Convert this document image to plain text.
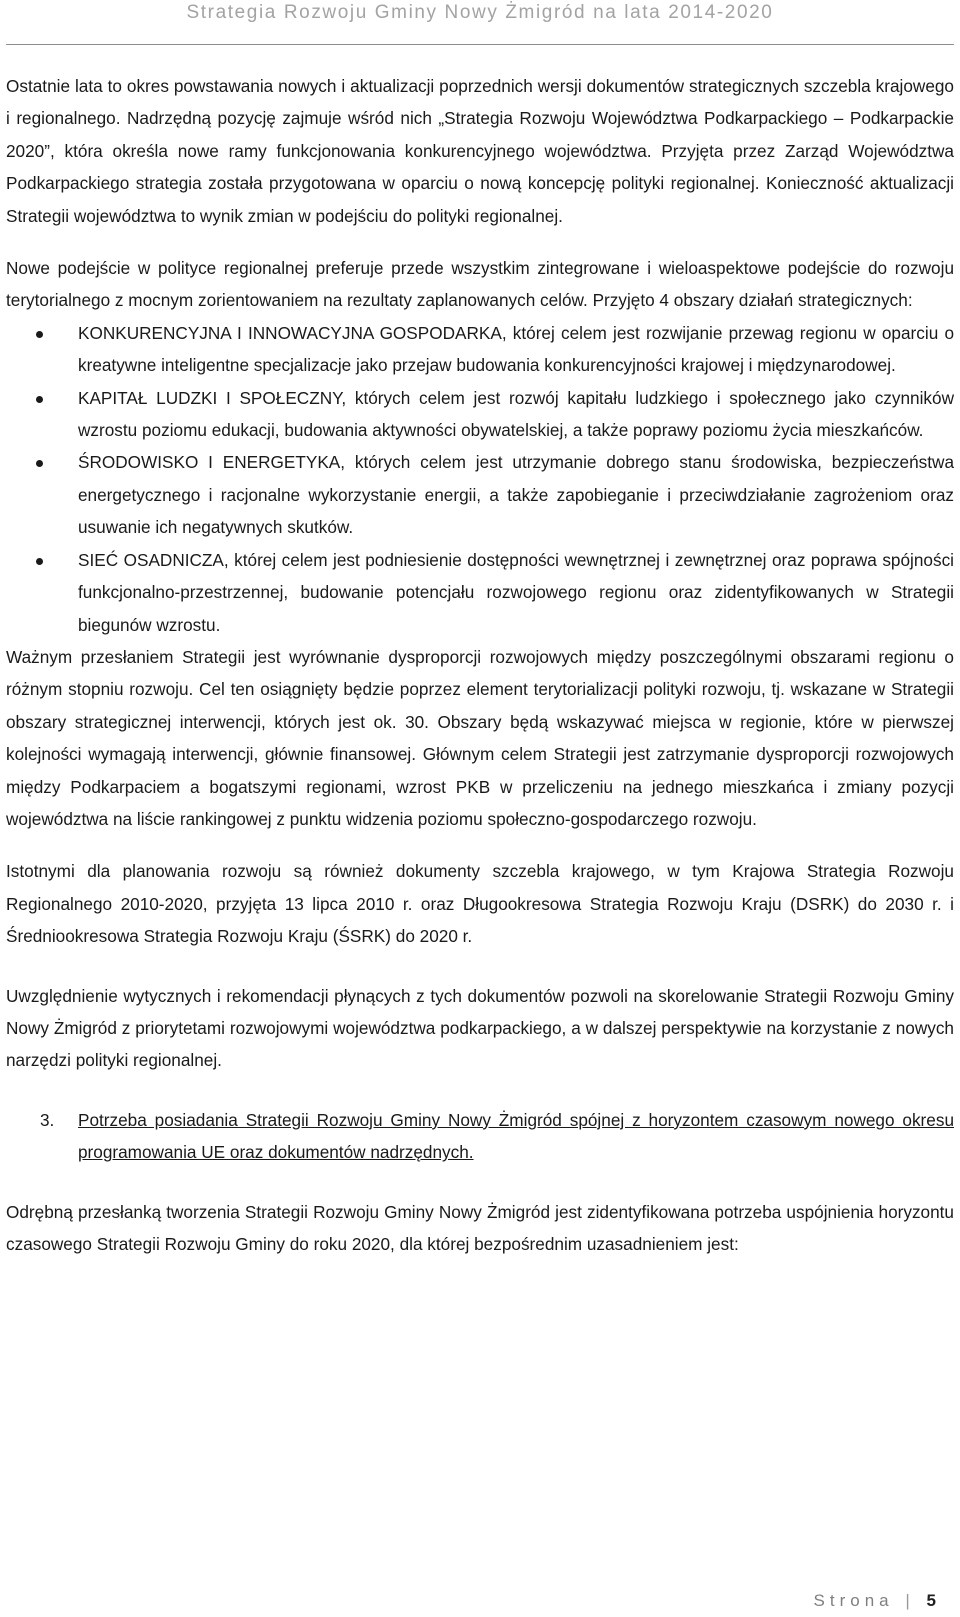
Strategia Rozwoju Gminy Nowy Żmigród na lata 2014-2020

Ostatnie lata to okres powstawania nowych i aktualizacji poprzednich wersji dokumentów strategicznych szczebla krajowego i regionalnego. Nadrzędną pozycję zajmuje wśród nich „Strategia Rozwoju Województwa Podkarpackiego – Podkarpackie 2020”, która określa nowe ramy funkcjonowania konkurencyjnego województwa. Przyjęta przez Zarząd Województwa Podkarpackiego strategia została przygotowana w oparciu o nową koncepcję polityki regionalnej. Konieczność aktualizacji Strategii województwa to wynik zmian w podejściu do polityki regionalnej.

Nowe podejście w polityce regionalnej preferuje przede wszystkim zintegrowane i wieloaspektowe podejście do rozwoju terytorialnego z mocnym zorientowaniem na rezultaty zaplanowanych celów. Przyjęto 4 obszary działań strategicznych:

KONKURENCYJNA I INNOWACYJNA GOSPODARKA, której celem jest rozwijanie przewag regionu w oparciu o kreatywne inteligentne specjalizacje jako przejaw budowania konkurencyjności krajowej i międzynarodowej.
KAPITAŁ LUDZKI I SPOŁECZNY, których celem jest rozwój kapitału ludzkiego i społecznego jako czynników wzrostu poziomu edukacji, budowania aktywności obywatelskiej, a także poprawy poziomu życia mieszkańców.
ŚRODOWISKO I ENERGETYKA, których celem jest utrzymanie dobrego stanu środowiska, bezpieczeństwa energetycznego i racjonalne wykorzystanie energii, a także zapobieganie i przeciwdziałanie zagrożeniom oraz usuwanie ich negatywnych skutków.
SIEĆ OSADNICZA, której celem jest podniesienie dostępności wewnętrznej i zewnętrznej oraz poprawa spójności funkcjonalno-przestrzennej, budowanie potencjału rozwojowego regionu oraz zidentyfikowanych w Strategii biegunów wzrostu.

Ważnym przesłaniem Strategii jest wyrównanie dysproporcji rozwojowych między poszczególnymi obszarami regionu o różnym stopniu rozwoju. Cel ten osiągnięty będzie poprzez element terytorializacji polityki rozwoju, tj. wskazane w Strategii obszary strategicznej interwencji, których jest ok. 30. Obszary będą wskazywać miejsca w regionie, które w pierwszej kolejności wymagają interwencji, głównie finansowej. Głównym celem Strategii jest zatrzymanie dysproporcji rozwojowych między Podkarpaciem a bogatszymi regionami, wzrost PKB w przeliczeniu na jednego mieszkańca i zmiany pozycji województwa na liście rankingowej z punktu widzenia poziomu społeczno-gospodarczego rozwoju.

Istotnymi dla planowania rozwoju są również dokumenty szczebla krajowego, w tym Krajowa Strategia Rozwoju Regionalnego 2010-2020, przyjęta 13 lipca 2010 r. oraz Długookresowa Strategia Rozwoju Kraju (DSRK) do 2030 r. i Średniookresowa Strategia Rozwoju Kraju (ŚSRK) do 2020 r.

Uwzględnienie wytycznych i rekomendacji płynących z tych dokumentów pozwoli na skorelowanie Strategii Rozwoju Gminy Nowy Żmigród z priorytetami rozwojowymi województwa podkarpackiego, a w dalszej perspektywie na korzystanie z nowych narzędzi polityki regionalnej.

3. Potrzeba posiadania Strategii Rozwoju Gminy Nowy Żmigród spójnej z horyzontem czasowym nowego okresu programowania UE oraz dokumentów nadrzędnych.

Odrębną przesłanką tworzenia Strategii Rozwoju Gminy Nowy Żmigród jest zidentyfikowana potrzeba uspójnienia horyzontu czasowego Strategii Rozwoju Gminy do roku 2020, dla której bezpośrednim uzasadnieniem jest:

Strona | 5
